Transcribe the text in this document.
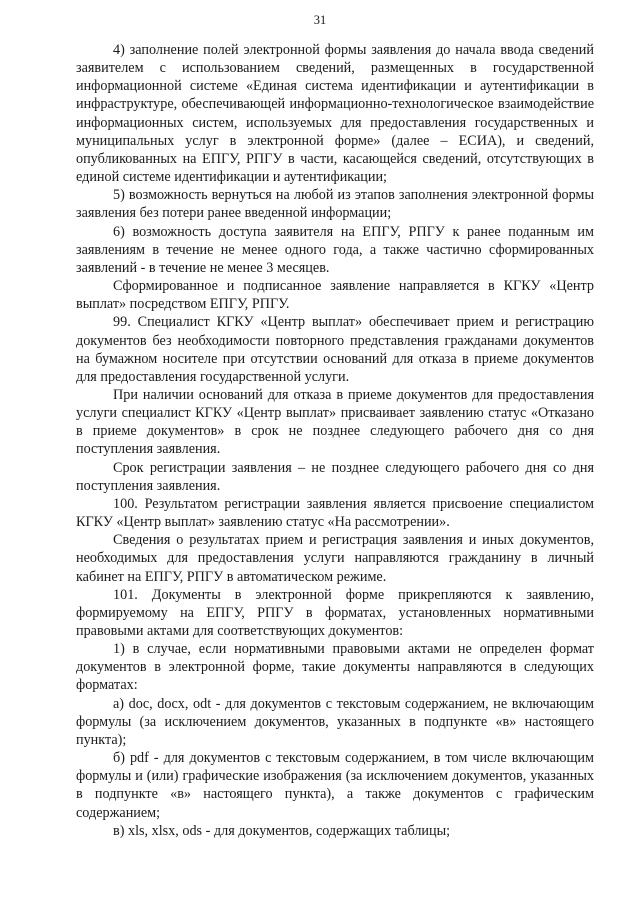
31

4) заполнение полей электронной формы заявления до начала ввода сведений заявителем с использованием сведений, размещенных в государственной информационной системе «Единая система идентификации и аутентификации в инфраструктуре, обеспечивающей информационно-технологическое взаимодействие информационных систем, используемых для предоставления государственных и муниципальных услуг в электронной форме» (далее – ЕСИА), и сведений, опубликованных на ЕПГУ, РПГУ в части, касающейся сведений, отсутствующих в единой системе идентификации и аутентификации;

5) возможность вернуться на любой из этапов заполнения электронной формы заявления без потери ранее введенной информации;

6) возможность доступа заявителя на ЕПГУ, РПГУ к ранее поданным им заявлениям в течение не менее одного года, а также частично сформированных заявлений - в течение не менее 3 месяцев.

Сформированное и подписанное заявление направляется в КГКУ «Центр выплат» посредством ЕПГУ, РПГУ.

99. Специалист КГКУ «Центр выплат» обеспечивает прием и регистрацию документов без необходимости повторного представления гражданами документов на бумажном носителе при отсутствии оснований для отказа в приеме документов для предоставления государственной услуги.

При наличии оснований для отказа в приеме документов для предоставления услуги специалист КГКУ «Центр выплат» присваивает заявлению статус «Отказано в приеме документов» в срок не позднее следующего рабочего дня со дня поступления заявления.

Срок регистрации заявления – не позднее следующего рабочего дня со дня поступления заявления.

100. Результатом регистрации заявления является присвоение специалистом КГКУ «Центр выплат» заявлению статус «На рассмотрении».

Сведения о результатах прием и регистрация заявления и иных документов, необходимых для предоставления услуги направляются гражданину в личный кабинет на ЕПГУ, РПГУ в автоматическом режиме.

101. Документы в электронной форме прикрепляются к заявлению, формируемому на ЕПГУ, РПГУ в форматах, установленных нормативными правовыми актами для соответствующих документов:

1) в случае, если нормативными правовыми актами не определен формат документов в электронной форме, такие документы направляются в следующих форматах:

а) doc, docx, odt - для документов с текстовым содержанием, не включающим формулы (за исключением документов, указанных в подпункте «в» настоящего пункта);

б) pdf - для документов с текстовым содержанием, в том числе включающим формулы и (или) графические изображения (за исключением документов, указанных в подпункте «в» настоящего пункта), а также документов с графическим содержанием;

в) xls, xlsx, ods - для документов, содержащих таблицы;
